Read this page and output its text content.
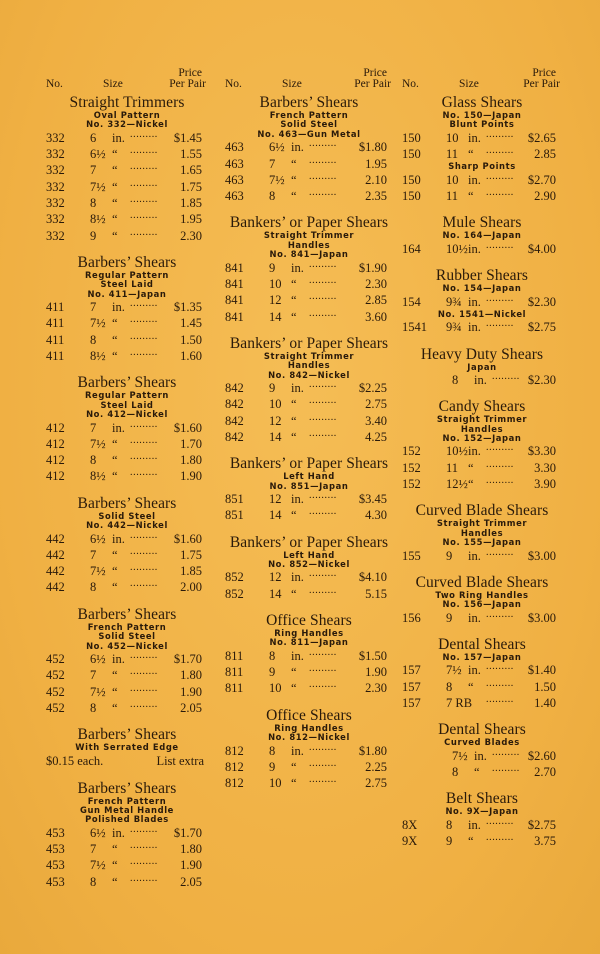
No.	Size
Price
Per Pair
Straight Trimmers
Oval Pattern
No. 332—Nickel
332 6 in. ......... $1.45
332 6½ “ ......... 1.55
332 7 “ ......... 1.65
332 7½ “ ......... 1.75
332 8 “ ......... 1.85
332 8½ “ ......... 1.95
332 9 “ ......... 2.30
Barbers’ Shears
Regular Pattern
Steel Laid
No. 411—Japan
411 7 in. ......... $1.35
411 7½ “ ......... 1.45
411 8 “ ......... 1.50
411 8½ “ ......... 1.60
Barbers’ Shears
Regular Pattern
Steel Laid
No. 412—Nickel
412 7 in. ......... $1.60
412 7½ “ ......... 1.70
412 8 “ ......... 1.80
412 8½ “ ......... 1.90
Barbers’ Shears
Solid Steel
No. 442—Nickel
442 6½ in. ......... $1.60
442 7 “ ......... 1.75
442 7½ “ ......... 1.85
442 8 “ ......... 2.00
Barbers’ Shears
French Pattern
Solid Steel
No. 452—Nickel
452 6½ in. ......... $1.70
452 7 “ ......... 1.80
452 7½ “ ......... 1.90
452 8 “ ......... 2.05
Barbers’ Shears
With Serrated Edge
$0.15 each.	List extra
Barbers’ Shears
French Pattern
Gun Metal Handle
Polished Blades
453 6½ in. ......... $1.70
453 7 “ ......... 1.80
453 7½ “ ......... 1.90
453 8 “ ......... 2.05
No.	Size
Price
Per Pair
Barbers’ Shears
French Pattern
Solid Steel
No. 463—Gun Metal
463 6½ in. ......... $1.80
463 7 “ ......... 1.95
463 7½ “ ......... 2.10
463 8 “ ......... 2.35
Bankers’ or Paper Shears
Straight Trimmer
Handles
No. 841—Japan
841 9 in. ......... $1.90
841 10 “ ......... 2.30
841 12 “ ......... 2.85
841 14 “ ......... 3.60
Bankers’ or Paper Shears
Straight Trimmer
Handles
No. 842—Nickel
842 9 in. ......... $2.25
842 10 “ ......... 2.75
842 12 “ ......... 3.40
842 14 “ ......... 4.25
Bankers’ or Paper Shears
Left Hand
No. 851—Japan
851 12 in. ......... $3.45
851 14 “ ......... 4.30
Bankers’ or Paper Shears
Left Hand
No. 852—Nickel
852 12 in. ......... $4.10
852 14 “ ......... 5.15
Office Shears
Ring Handles
No. 811—Japan
811 8 in. ......... $1.50
811 9 “ ......... 1.90
811 10 “ ......... 2.30
Office Shears
Ring Handles
No. 812—Nickel
812 8 in. ......... $1.80
812 9 “ ......... 2.25
812 10 “ ......... 2.75
No.	Size
Price
Per Pair
Glass Shears
No. 150—Japan
Blunt Points
150 10 in. ......... $2.65
150 11 “ ......... 2.85
Sharp Points
150 10 in. ......... $2.70
150 11 “ ......... 2.90
Mule Shears
No. 164—Japan
164 10½ in. ......... $4.00
Rubber Shears
No. 154—Japan
154 9¾ in. ......... $2.30
No. 1541—Nickel
1541 9¾ in. ......... $2.75
Heavy Duty Shears
Japan
8 in. ......... $2.30
Candy Shears
Straight Trimmer
Handles
No. 152—Japan
152 10½ in. ......... $3.30
152 11 “ ......... 3.30
152 12½ “ ......... 3.90
Curved Blade Shears
Straight Trimmer
Handles
No. 155—Japan
155 9 in. ......... $3.00
Curved Blade Shears
Two Ring Handles
No. 156—Japan
156 9 in. ......... $3.00
Dental Shears
No. 157—Japan
157 7½ in. ......... $1.40
157 8 “ ......... 1.50
157 7 RB ......... 1.40
Dental Shears
Curved Blades
7½ in. ......... $2.60
8 “ ......... 2.70
Belt Shears
No. 9X—Japan
8X 8 in. ......... $2.75
9X 9 “ ......... 3.75
